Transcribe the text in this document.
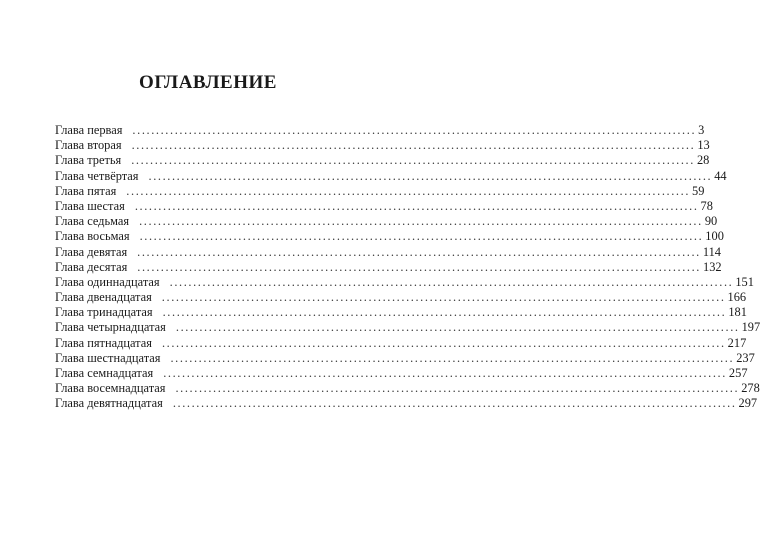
ОГЛАВЛЕНИЕ
Глава первая ........................................................................................................................ 3
Глава вторая ........................................................................................................................ 13
Глава третья ........................................................................................................................ 28
Глава четвёртая ........................................................................................................................ 44
Глава пятая ........................................................................................................................ 59
Глава шестая ........................................................................................................................ 78
Глава седьмая ........................................................................................................................ 90
Глава восьмая ........................................................................................................................ 100
Глава девятая ........................................................................................................................ 114
Глава десятая ........................................................................................................................ 132
Глава одиннадцатая ........................................................................................................................ 151
Глава двенадцатая ........................................................................................................................ 166
Глава тринадцатая ........................................................................................................................ 181
Глава четырнадцатая ........................................................................................................................ 197
Глава пятнадцатая ........................................................................................................................ 217
Глава шестнадцатая ........................................................................................................................ 237
Глава семнадцатая ........................................................................................................................ 257
Глава восемнадцатая ........................................................................................................................ 278
Глава девятнадцатая ........................................................................................................................ 297
